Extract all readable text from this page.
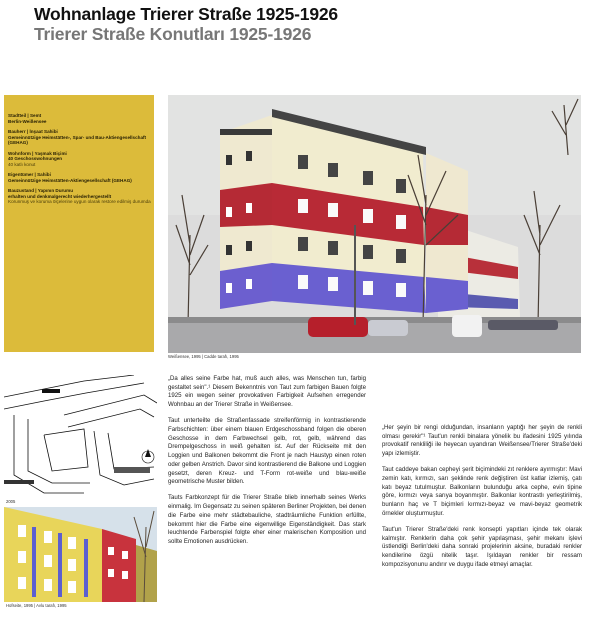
Wohnanlage Trierer Straße 1925-1926
Trierer Straße Konutları 1925-1926
Stadtteil | Semt
Berlin-Weißensee
Bauherr | İnşaat Sahibi
Gemeinnützige Heimstätten-, Spar- und Bau-Aktiengesellschaft (GEHAG)
Wohnform | Yaşmak Biçimi
40 Geschosswohnungen
40 katlı konut
Eigentümer | Sahibi
Gemeinnützige Heimstätten-Aktiengesellschaft (GEHAG)
Bauzustand | Yapının Durumu
erhalten und denkmalgerecht wiederhergestellt
Korunmuş ve koruma ölçelerine uygun olarak restore edilmiş durumda
Weißensee, 1995 | Cadde tarafı, 1995
2005
Hofseite, 1995 | Avlu tarafı, 1995

„Da alles seine Farbe hat, muß auch alles, was Menschen tun, farbig gestaltet sein".¹ Diesem Bekenntnis von Taut zum farbigen Bauen folgte 1925 ein wegen seiner provokativen Farbigkeit Aufsehen erregender Wohnbau an der Trierer Straße in Weißensee.

Taut unterteilte die Straßenfassade streifenförmig in kontrastierende Farbschichten: über einem blauen Erdgeschossband folgen die oberen Geschosse in dem Farbwechsel gelb, rot, gelb, während das Drempelgeschoss in weiß gehalten ist. Auf der Rückseite mit den Loggien und Balkonen bekommt die Front je nach Haustyp einen roten oder gelben Anstrich. Davor sind kontrastierend die Balkone und Loggien gesetzt, deren Kreuz- und T-Form rot-weiße und blau-weiße geometrische Muster bilden.

Tauts Farbkonzept für die Trierer Straße blieb innerhalb seines Werks einmalig. Im Gegensatz zu seinen späteren Berliner Projekten, bei denen die Farbe eine mehr städtebauliche, stadträumliche Funktion erfüllte, bekommt hier die Farbe eine eigenwillige Eigenständigkeit. Das stark leuchtende Farbenspiel folgte eher einer malerischen Komposition und sollte Emotionen ausdrücken.

„Her şeyin bir rengi olduğundan, insanların yaptığı her şeyin de renkli olması gerekir"¹ Taut'un renkli binalara yönelik bu ifadesini 1925 yılında provokatif renkliliği ile heyecan uyandıran Weißensee/Trierer Straße'deki yapı izlemiştir.

Taut caddeye bakan cepheyi şerit biçimindeki zıt renklere ayırmıştır: Mavi zemin katı, kırmızı, sarı şeklinde renk değiştiren üst katlar izlemiş, çatı katı beyaz tutulmuştur. Balkonların bulunduğu arka cephe, evin tipine göre, kırmızı veya sarıya boyanmıştır. Balkonlar kontrastlı yerleştirilmiş, bunların haç ve T biçimleri kırmızı-beyaz ve mavi-beyaz geometrik örnekler oluşturmuştur.

Taut'un Trierer Straße'deki renk konsepti yapıtları içinde tek olarak kalmıştır. Renklerin daha çok şehir yapılaşması, şehir mekanı işlevi üstlendiği Berlin'deki daha sonraki projelerinin aksine, buradaki renkler kendilerine özgü nitelik taşır. Işıldayan renkler bir ressam kompozisyonunu andırır ve duygu ifade etmeyi amaçlar.
